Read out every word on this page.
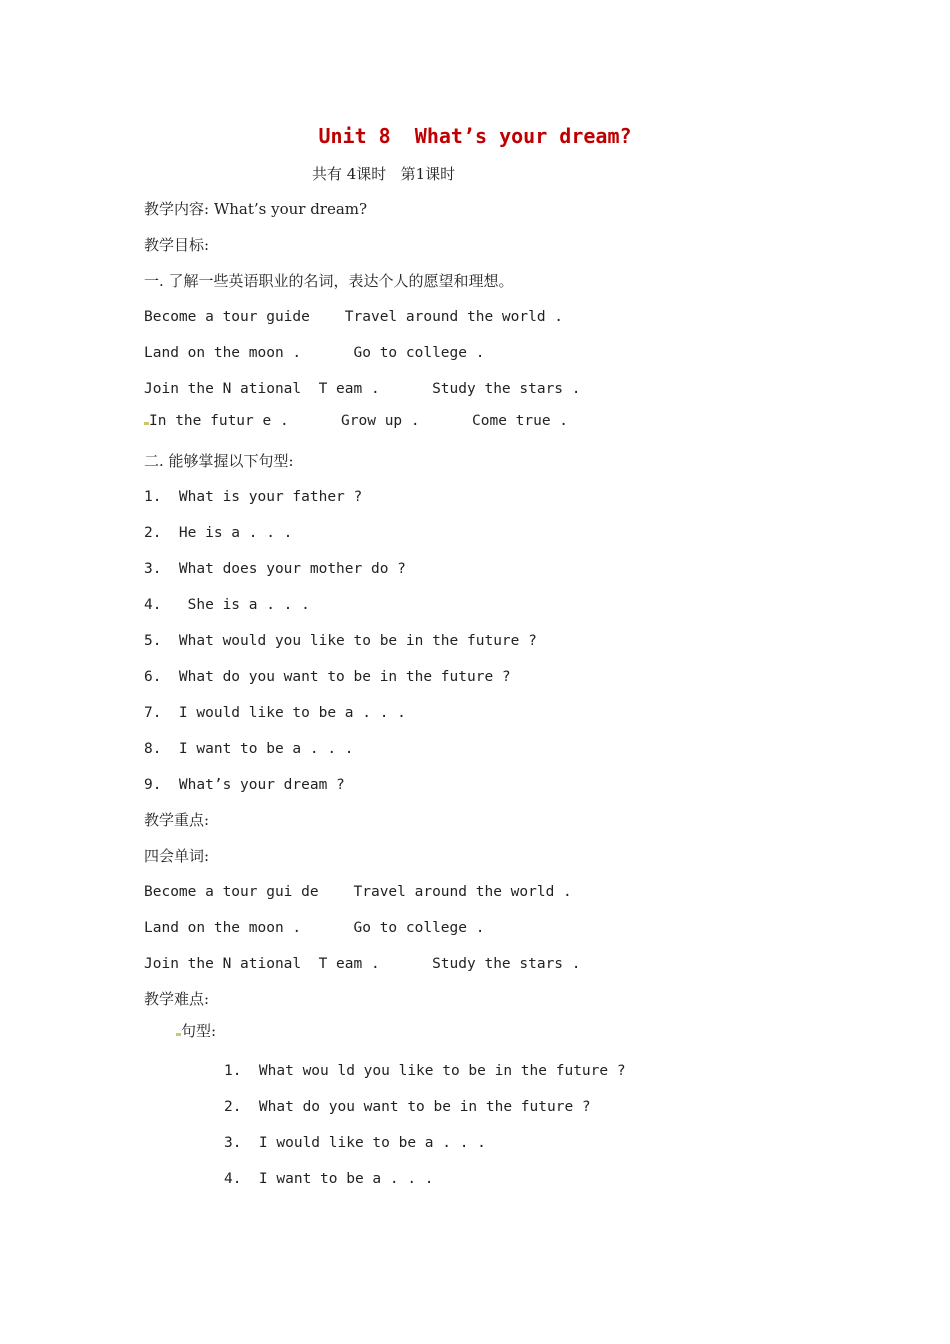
Unit 8  What’s your dream?
共有 4课时   第1课时
教学内容: What’s your dream?
教学目标:
一. 了解一些英语职业的名词，表达个人的愿望和理想。
Become a tour guide    Travel around the world .
Land on the moon .      Go to college .
Join the N ational  T eam .      Study the stars .
In the futur e .      Grow up .      Come true .
二. 能够掌握以下句型:
1.  What is your father ?
2.  He is a . . .
3.  What does your mother do ?
4.   She is a . . .
5.  What would you like to be in the future ?
6.  What do you want to be in the future ?
7.  I would like to be a . . .
8.  I want to be a . . .
9.  What’s your dream ?
教学重点:
四会单词:
Become a tour gui de    Travel around the world .
Land on the moon .      Go to college .
Join the N ational  T eam .      Study the stars .
教学难点:
句型:
1.  What wou ld you like to be in the future ?
2.  What do you want to be in the future ?
3.  I would like to be a . . .
4.  I want to be a . . .
